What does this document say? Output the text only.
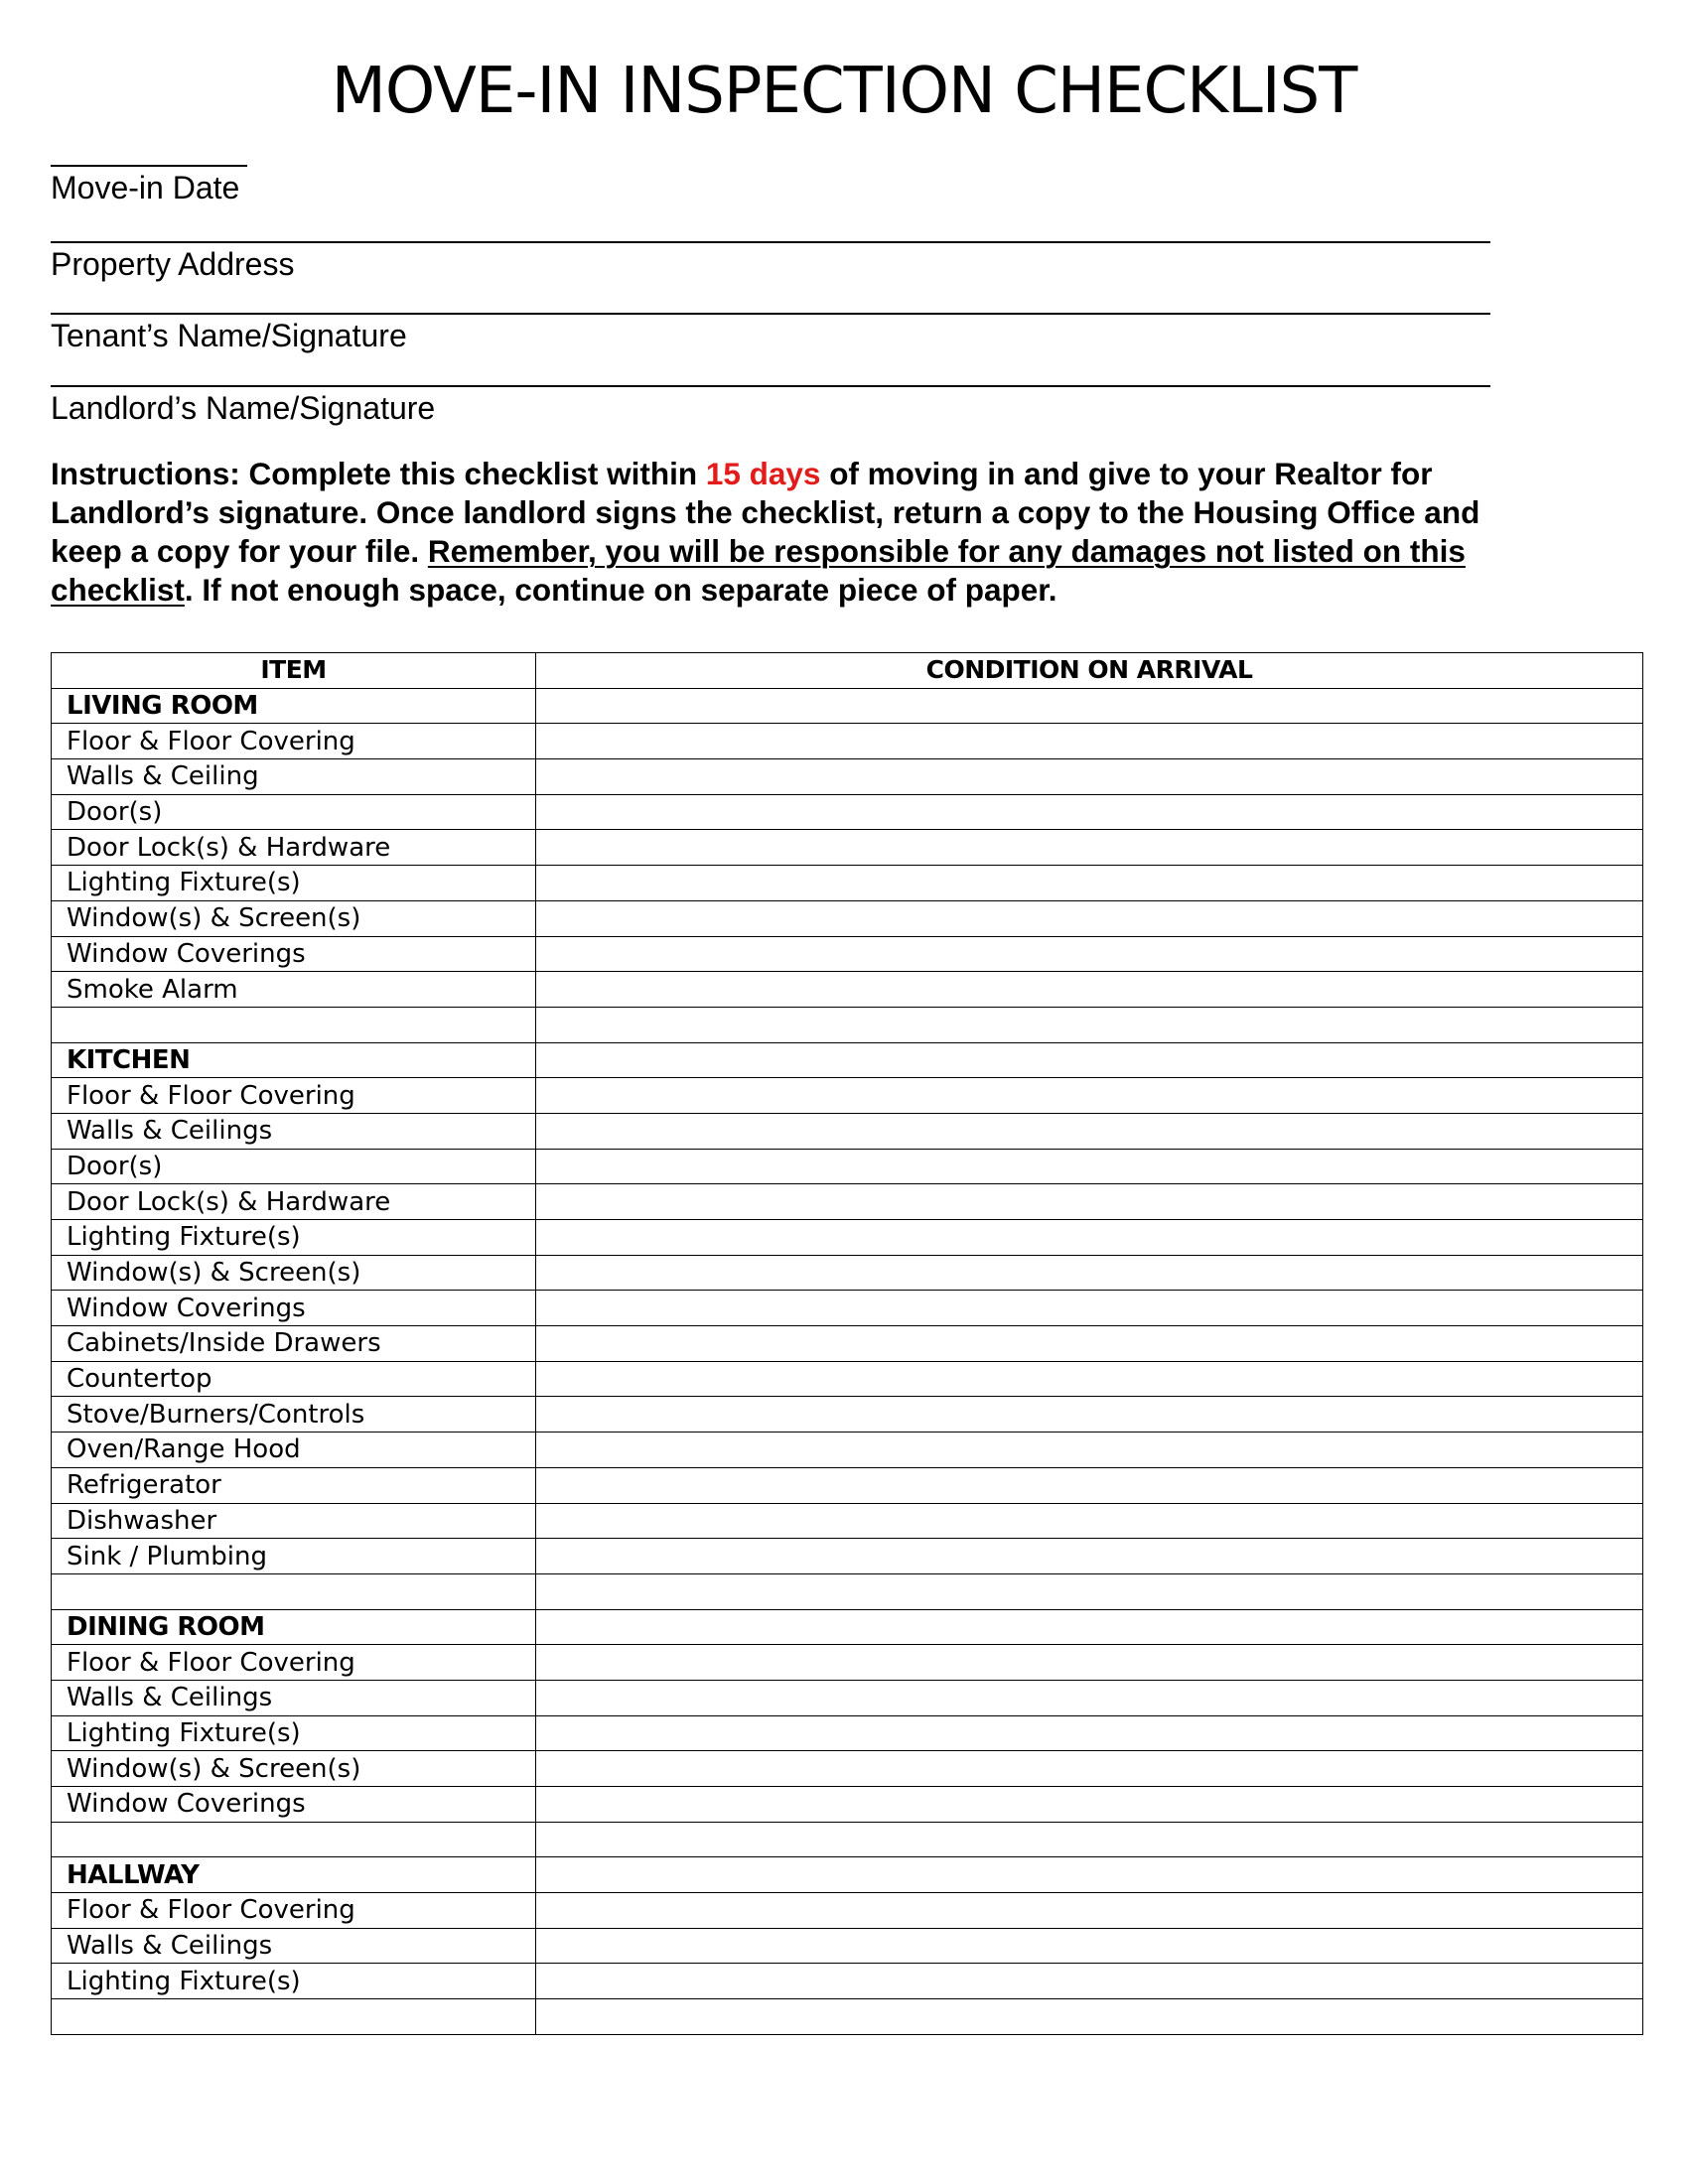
MOVE-IN INSPECTION CHECKLIST
Move-in Date
Property Address
Tenant’s Name/Signature
Landlord’s Name/Signature

Instructions: Complete this checklist within 15 days of moving in and give to your Realtor for Landlord’s signature. Once landlord signs the checklist, return a copy to the Housing Office and keep a copy for your file. Remember, you will be responsible for any damages not listed on this checklist. If not enough space, continue on separate piece of paper.

ITEM	CONDITION ON ARRIVAL
LIVING ROOM	
Floor & Floor Covering	
Walls & Ceiling	
Door(s)	
Door Lock(s) & Hardware	
Lighting Fixture(s)	
Window(s) & Screen(s)	
Window Coverings	
Smoke Alarm	

KITCHEN	
Floor & Floor Covering	
Walls & Ceilings	
Door(s)	
Door Lock(s) & Hardware	
Lighting Fixture(s)	
Window(s) & Screen(s)	
Window Coverings	
Cabinets/Inside Drawers	
Countertop	
Stove/Burners/Controls	
Oven/Range Hood	
Refrigerator	
Dishwasher	
Sink / Plumbing	

DINING ROOM	
Floor & Floor Covering	
Walls & Ceilings	
Lighting Fixture(s)	
Window(s) & Screen(s)	
Window Coverings	

HALLWAY	
Floor & Floor Covering	
Walls & Ceilings	
Lighting Fixture(s)	
